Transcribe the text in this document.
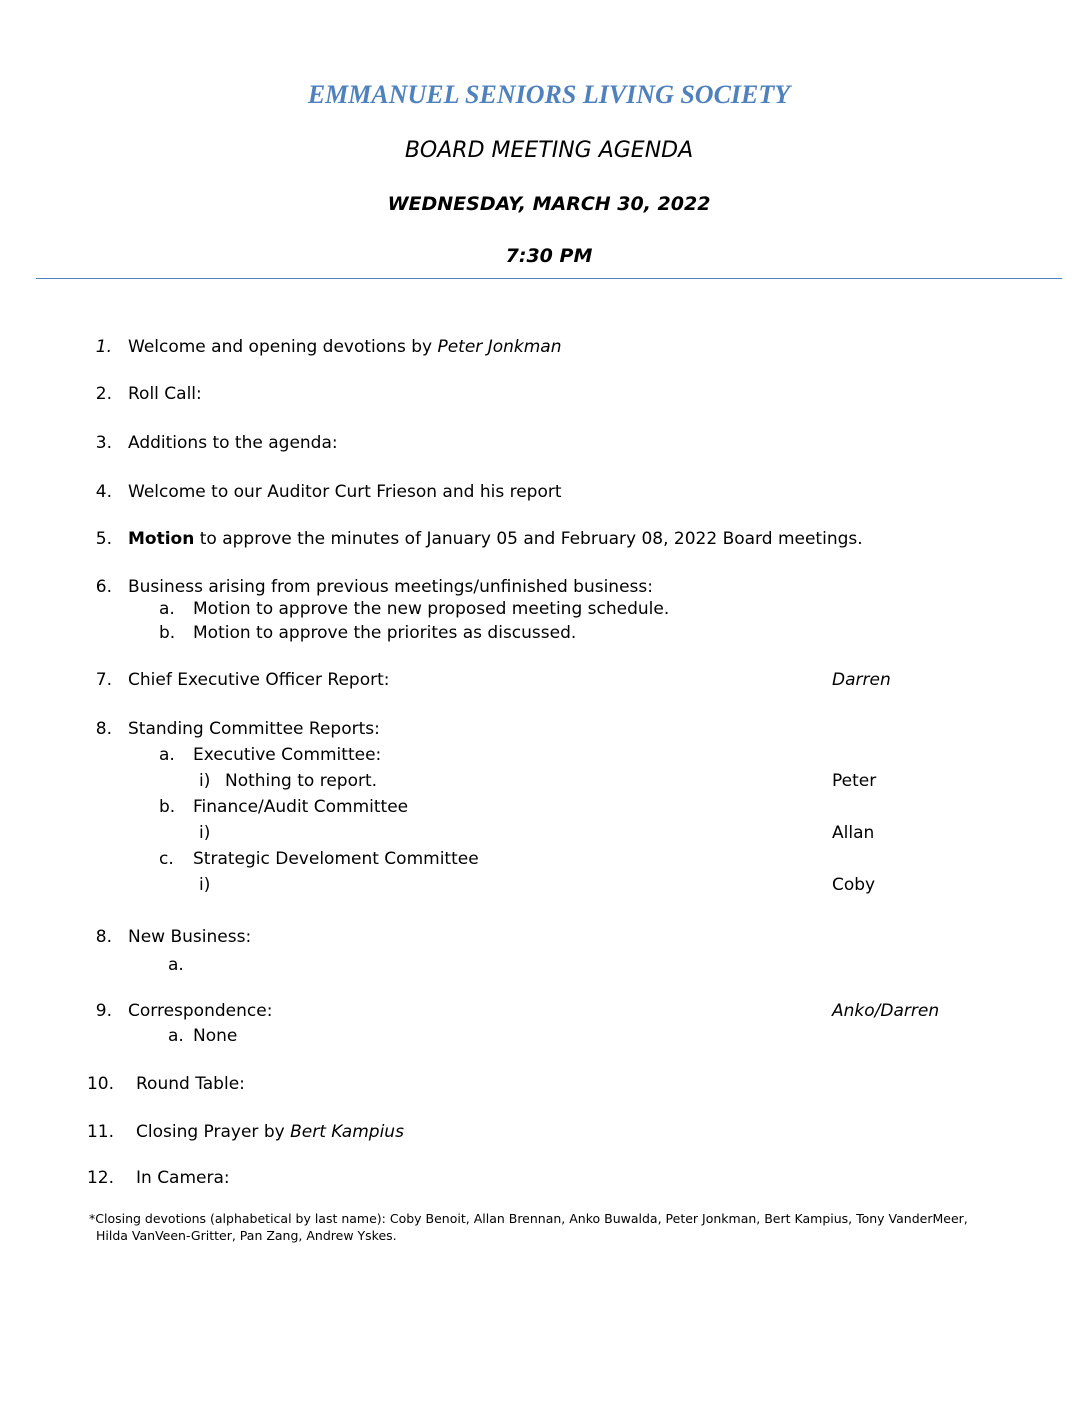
EMMANUEL SENIORS LIVING SOCIETY
BOARD MEETING AGENDA
WEDNESDAY, MARCH 30, 2022
7:30 PM
1. Welcome and opening devotions by Peter Jonkman
2. Roll Call:
3. Additions to the agenda:
4. Welcome to our Auditor Curt Frieson and his report
5. Motion to approve the minutes of January 05 and February 08, 2022 Board meetings.
6. Business arising from previous meetings/unfinished business:
a. Motion to approve the new proposed meeting schedule.
b. Motion to approve the priorites as discussed.
7. Chief Executive Officer Report:	Darren
8. Standing Committee Reports:
a. Executive Committee:
i) Nothing to report.	Peter
b. Finance/Audit Committee
i)	Allan
c. Strategic Develoment Committee
i)	Coby
8. New Business:
a.
9. Correspondence:	Anko/Darren
a. None
10. Round Table:
11. Closing Prayer by Bert Kampius
12. In Camera:
*Closing devotions (alphabetical by last name): Coby Benoit, Allan Brennan, Anko Buwalda, Peter Jonkman, Bert Kampius, Tony VanderMeer,
Hilda VanVeen-Gritter, Pan Zang, Andrew Yskes.
